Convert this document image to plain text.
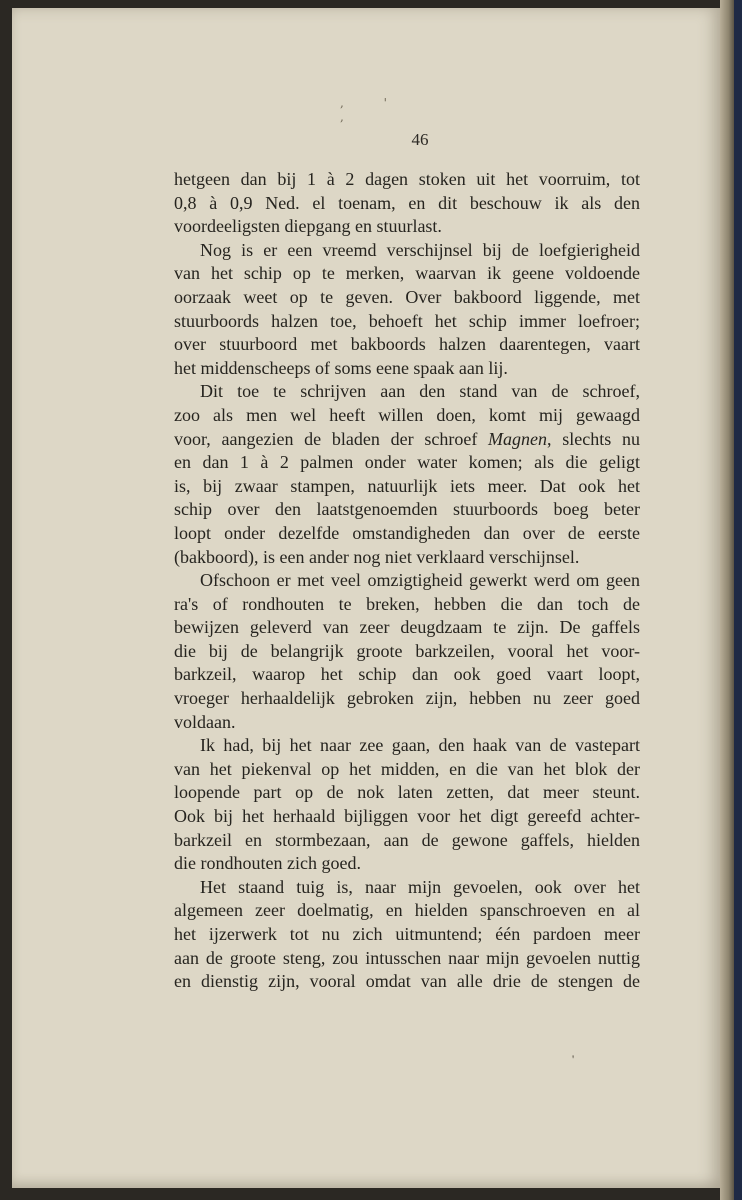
, ' ,
46

hetgeen dan bij 1 à 2 dagen stoken uit het voorruim, tot
0,8 à 0,9 Ned. el toenam, en dit beschouw ik als den
voordeeligsten diepgang en stuurlast.

Nog is er een vreemd verschijnsel bij de loefgierigheid
van het schip op te merken, waarvan ik geene voldoende
oorzaak weet op te geven. Over bakboord liggende, met
stuurboords halzen toe, behoeft het schip immer loefroer;
over stuurboord met bakboords halzen daarentegen, vaart
het middenscheeps of soms eene spaak aan lij.

Dit toe te schrijven aan den stand van de schroef,
zoo als men wel heeft willen doen, komt mij gewaagd
voor, aangezien de bladen der schroef Magnen, slechts nu
en dan 1 à 2 palmen onder water komen; als die geligt
is, bij zwaar stampen, natuurlijk iets meer. Dat ook het
schip over den laatstgenoemden stuurboords boeg beter
loopt onder dezelfde omstandigheden dan over de eerste
(bakboord), is een ander nog niet verklaard verschijnsel.

Ofschoon er met veel omzigtigheid gewerkt werd om geen
ra's of rondhouten te breken, hebben die dan toch de
bewijzen geleverd van zeer deugdzaam te zijn. De gaffels
die bij de belangrijk groote barkzeilen, vooral het voor-
barkzeil, waarop het schip dan ook goed vaart loopt,
vroeger herhaaldelijk gebroken zijn, hebben nu zeer goed
voldaan.

Ik had, bij het naar zee gaan, den haak van de vastepart
van het piekenval op het midden, en die van het blok der
loopende part op de nok laten zetten, dat meer steunt.
Ook bij het herhaald bijliggen voor het digt gereefd achter-
barkzeil en stormbezaan, aan de gewone gaffels, hielden
die rondhouten zich goed.

Het staand tuig is, naar mijn gevoelen, ook over het
algemeen zeer doelmatig, en hielden spanschroeven en al
het ijzerwerk tot nu zich uitmuntend; één pardoen meer
aan de groote steng, zou intusschen naar mijn gevoelen nuttig
en dienstig zijn, vooral omdat van alle drie de stengen de

'
